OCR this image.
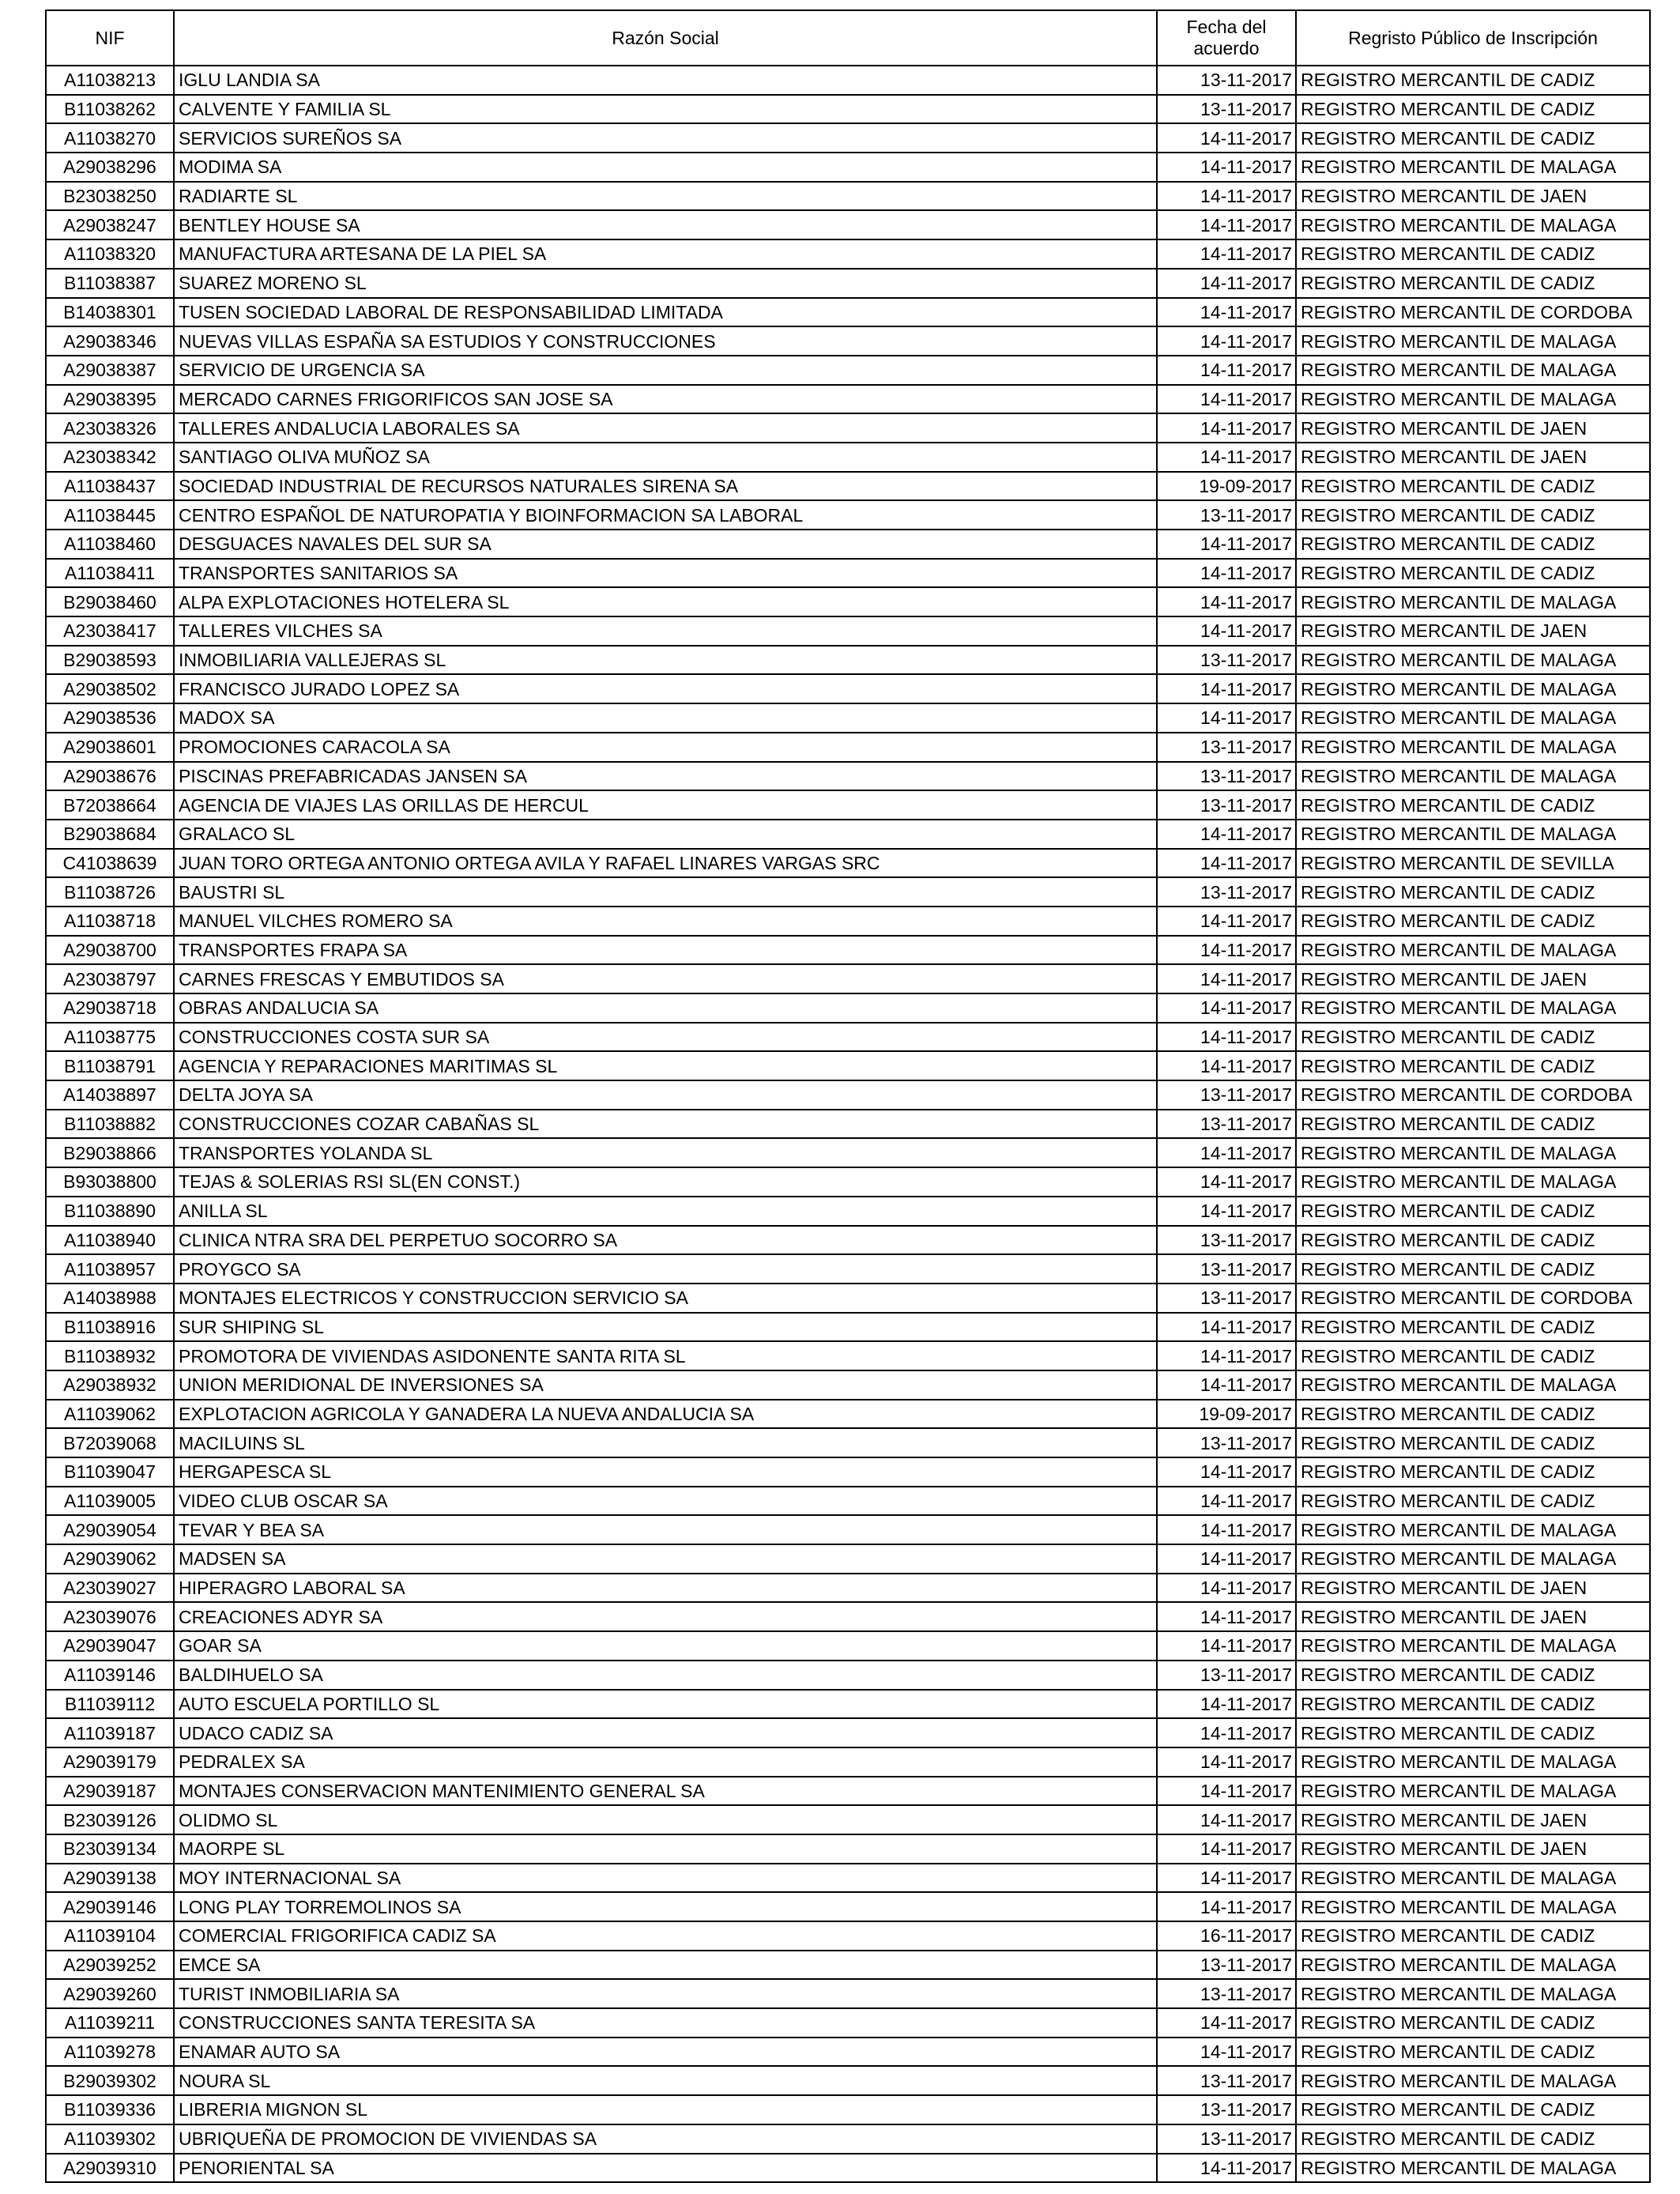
NIF	Razón Social	Fecha del acuerdo	Regristo Público de Inscripción
A11038213	IGLU LANDIA SA	13-11-2017	REGISTRO MERCANTIL DE CADIZ
B11038262	CALVENTE Y FAMILIA SL	13-11-2017	REGISTRO MERCANTIL DE CADIZ
A11038270	SERVICIOS SUREÑOS SA	14-11-2017	REGISTRO MERCANTIL DE CADIZ
A29038296	MODIMA SA	14-11-2017	REGISTRO MERCANTIL DE MALAGA
B23038250	RADIARTE SL	14-11-2017	REGISTRO MERCANTIL DE JAEN
A29038247	BENTLEY HOUSE SA	14-11-2017	REGISTRO MERCANTIL DE MALAGA
A11038320	MANUFACTURA ARTESANA DE LA PIEL SA	14-11-2017	REGISTRO MERCANTIL DE CADIZ
B11038387	SUAREZ MORENO SL	14-11-2017	REGISTRO MERCANTIL DE CADIZ
B14038301	TUSEN SOCIEDAD LABORAL DE RESPONSABILIDAD LIMITADA	14-11-2017	REGISTRO MERCANTIL DE CORDOBA
A29038346	NUEVAS VILLAS ESPAÑA SA ESTUDIOS Y CONSTRUCCIONES	14-11-2017	REGISTRO MERCANTIL DE MALAGA
A29038387	SERVICIO DE URGENCIA SA	14-11-2017	REGISTRO MERCANTIL DE MALAGA
A29038395	MERCADO CARNES FRIGORIFICOS SAN JOSE SA	14-11-2017	REGISTRO MERCANTIL DE MALAGA
A23038326	TALLERES ANDALUCIA LABORALES SA	14-11-2017	REGISTRO MERCANTIL DE JAEN
A23038342	SANTIAGO OLIVA MUÑOZ SA	14-11-2017	REGISTRO MERCANTIL DE JAEN
A11038437	SOCIEDAD INDUSTRIAL DE RECURSOS NATURALES SIRENA SA	19-09-2017	REGISTRO MERCANTIL DE CADIZ
A11038445	CENTRO ESPAÑOL DE NATUROPATIA Y BIOINFORMACION SA LABORAL	13-11-2017	REGISTRO MERCANTIL DE CADIZ
A11038460	DESGUACES NAVALES DEL SUR SA	14-11-2017	REGISTRO MERCANTIL DE CADIZ
A11038411	TRANSPORTES SANITARIOS SA	14-11-2017	REGISTRO MERCANTIL DE CADIZ
B29038460	ALPA EXPLOTACIONES HOTELERA SL	14-11-2017	REGISTRO MERCANTIL DE MALAGA
A23038417	TALLERES VILCHES SA	14-11-2017	REGISTRO MERCANTIL DE JAEN
B29038593	INMOBILIARIA VALLEJERAS SL	13-11-2017	REGISTRO MERCANTIL DE MALAGA
A29038502	FRANCISCO JURADO LOPEZ SA	14-11-2017	REGISTRO MERCANTIL DE MALAGA
A29038536	MADOX SA	14-11-2017	REGISTRO MERCANTIL DE MALAGA
A29038601	PROMOCIONES CARACOLA SA	13-11-2017	REGISTRO MERCANTIL DE MALAGA
A29038676	PISCINAS PREFABRICADAS JANSEN SA	13-11-2017	REGISTRO MERCANTIL DE MALAGA
B72038664	AGENCIA DE VIAJES LAS ORILLAS DE HERCUL	13-11-2017	REGISTRO MERCANTIL DE CADIZ
B29038684	GRALACO SL	14-11-2017	REGISTRO MERCANTIL DE MALAGA
C41038639	JUAN TORO ORTEGA ANTONIO ORTEGA AVILA Y RAFAEL LINARES VARGAS SRC	14-11-2017	REGISTRO MERCANTIL DE SEVILLA
B11038726	BAUSTRI SL	13-11-2017	REGISTRO MERCANTIL DE CADIZ
A11038718	MANUEL VILCHES ROMERO SA	14-11-2017	REGISTRO MERCANTIL DE CADIZ
A29038700	TRANSPORTES FRAPA SA	14-11-2017	REGISTRO MERCANTIL DE MALAGA
A23038797	CARNES FRESCAS Y EMBUTIDOS SA	14-11-2017	REGISTRO MERCANTIL DE JAEN
A29038718	OBRAS ANDALUCIA SA	14-11-2017	REGISTRO MERCANTIL DE MALAGA
A11038775	CONSTRUCCIONES COSTA SUR SA	14-11-2017	REGISTRO MERCANTIL DE CADIZ
B11038791	AGENCIA Y REPARACIONES MARITIMAS SL	14-11-2017	REGISTRO MERCANTIL DE CADIZ
A14038897	DELTA JOYA SA	13-11-2017	REGISTRO MERCANTIL DE CORDOBA
B11038882	CONSTRUCCIONES COZAR CABAÑAS SL	13-11-2017	REGISTRO MERCANTIL DE CADIZ
B29038866	TRANSPORTES YOLANDA SL	14-11-2017	REGISTRO MERCANTIL DE MALAGA
B93038800	TEJAS & SOLERIAS RSI SL(EN CONST.)	14-11-2017	REGISTRO MERCANTIL DE MALAGA
B11038890	ANILLA SL	14-11-2017	REGISTRO MERCANTIL DE CADIZ
A11038940	CLINICA NTRA SRA DEL PERPETUO SOCORRO SA	13-11-2017	REGISTRO MERCANTIL DE CADIZ
A11038957	PROYGCO SA	13-11-2017	REGISTRO MERCANTIL DE CADIZ
A14038988	MONTAJES ELECTRICOS Y CONSTRUCCION SERVICIO SA	13-11-2017	REGISTRO MERCANTIL DE CORDOBA
B11038916	SUR SHIPING SL	14-11-2017	REGISTRO MERCANTIL DE CADIZ
B11038932	PROMOTORA DE VIVIENDAS ASIDONENTE SANTA RITA SL	14-11-2017	REGISTRO MERCANTIL DE CADIZ
A29038932	UNION MERIDIONAL DE INVERSIONES SA	14-11-2017	REGISTRO MERCANTIL DE MALAGA
A11039062	EXPLOTACION AGRICOLA Y GANADERA LA NUEVA ANDALUCIA SA	19-09-2017	REGISTRO MERCANTIL DE CADIZ
B72039068	MACILUINS SL	13-11-2017	REGISTRO MERCANTIL DE CADIZ
B11039047	HERGAPESCA SL	14-11-2017	REGISTRO MERCANTIL DE CADIZ
A11039005	VIDEO CLUB OSCAR SA	14-11-2017	REGISTRO MERCANTIL DE CADIZ
A29039054	TEVAR Y BEA SA	14-11-2017	REGISTRO MERCANTIL DE MALAGA
A29039062	MADSEN SA	14-11-2017	REGISTRO MERCANTIL DE MALAGA
A23039027	HIPERAGRO LABORAL SA	14-11-2017	REGISTRO MERCANTIL DE JAEN
A23039076	CREACIONES ADYR SA	14-11-2017	REGISTRO MERCANTIL DE JAEN
A29039047	GOAR SA	14-11-2017	REGISTRO MERCANTIL DE MALAGA
A11039146	BALDIHUELO SA	13-11-2017	REGISTRO MERCANTIL DE CADIZ
B11039112	AUTO ESCUELA PORTILLO SL	14-11-2017	REGISTRO MERCANTIL DE CADIZ
A11039187	UDACO CADIZ SA	14-11-2017	REGISTRO MERCANTIL DE CADIZ
A29039179	PEDRALEX SA	14-11-2017	REGISTRO MERCANTIL DE MALAGA
A29039187	MONTAJES CONSERVACION MANTENIMIENTO GENERAL SA	14-11-2017	REGISTRO MERCANTIL DE MALAGA
B23039126	OLIDMO SL	14-11-2017	REGISTRO MERCANTIL DE JAEN
B23039134	MAORPE SL	14-11-2017	REGISTRO MERCANTIL DE JAEN
A29039138	MOY INTERNACIONAL SA	14-11-2017	REGISTRO MERCANTIL DE MALAGA
A29039146	LONG PLAY TORREMOLINOS SA	14-11-2017	REGISTRO MERCANTIL DE MALAGA
A11039104	COMERCIAL FRIGORIFICA CADIZ SA	16-11-2017	REGISTRO MERCANTIL DE CADIZ
A29039252	EMCE SA	13-11-2017	REGISTRO MERCANTIL DE MALAGA
A29039260	TURIST INMOBILIARIA SA	13-11-2017	REGISTRO MERCANTIL DE MALAGA
A11039211	CONSTRUCCIONES SANTA TERESITA SA	14-11-2017	REGISTRO MERCANTIL DE CADIZ
A11039278	ENAMAR AUTO SA	14-11-2017	REGISTRO MERCANTIL DE CADIZ
B29039302	NOURA SL	13-11-2017	REGISTRO MERCANTIL DE MALAGA
B11039336	LIBRERIA MIGNON SL	13-11-2017	REGISTRO MERCANTIL DE CADIZ
A11039302	UBRIQUEÑA DE PROMOCION DE VIVIENDAS SA	13-11-2017	REGISTRO MERCANTIL DE CADIZ
A29039310	PENORIENTAL SA	14-11-2017	REGISTRO MERCANTIL DE MALAGA
